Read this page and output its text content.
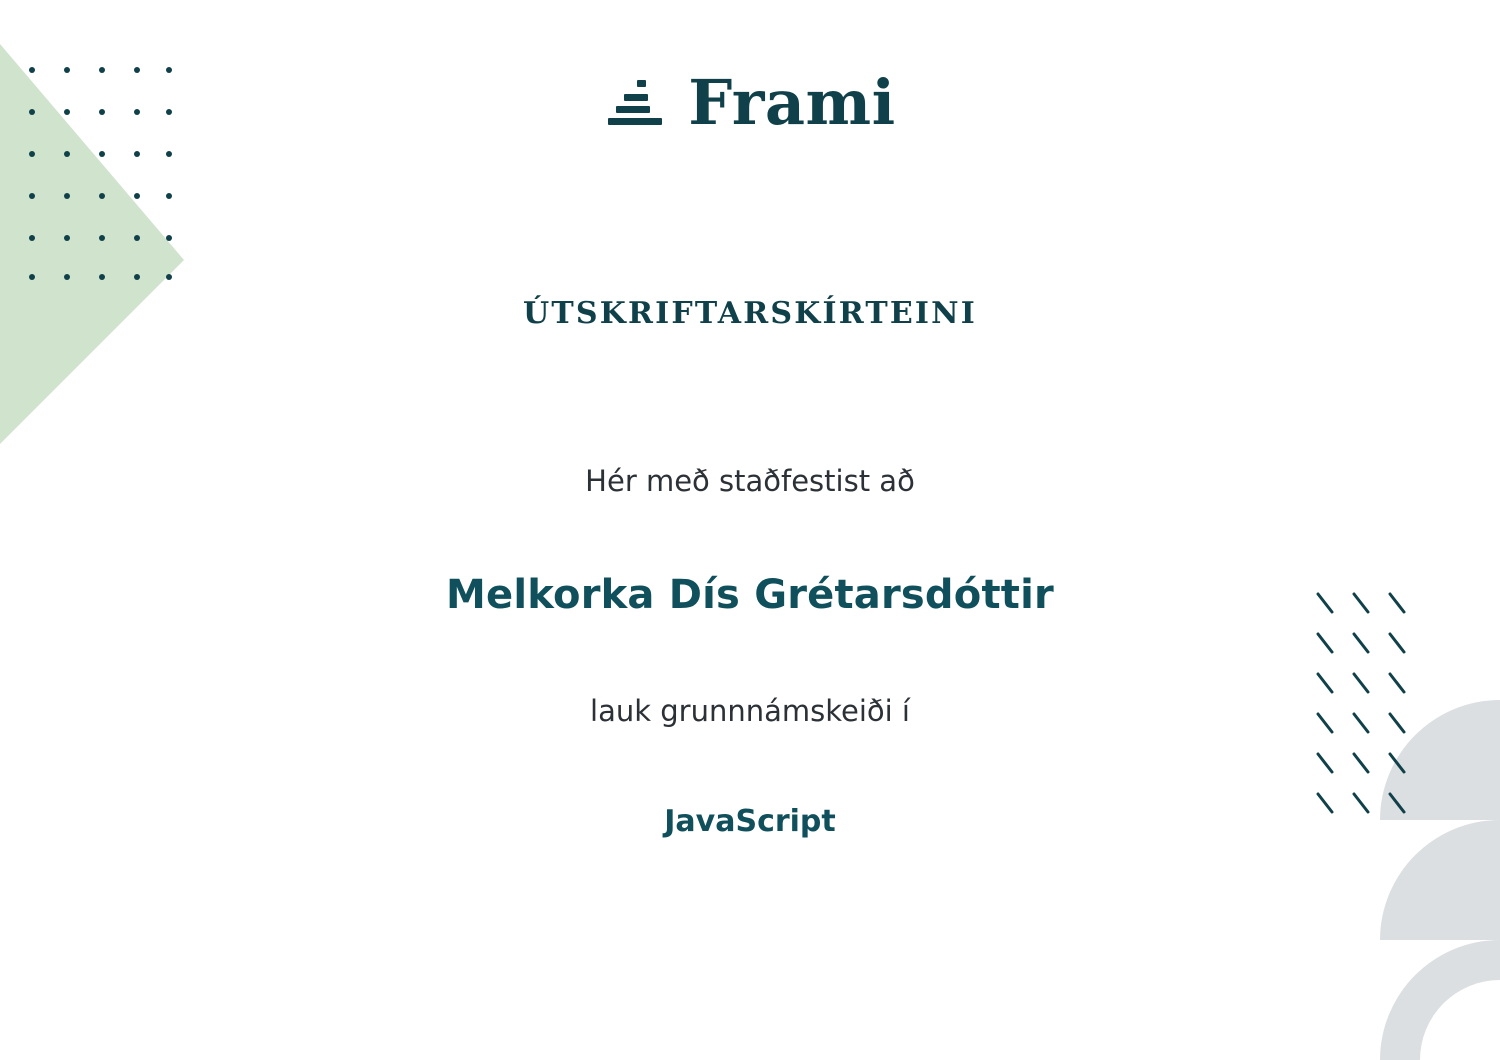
Frami
ÚTSKRIFTARSKÍRTEINI
Hér með staðfestist að
Melkorka Dís Grétarsdóttir
lauk grunnnámskeiði í
JavaScript
